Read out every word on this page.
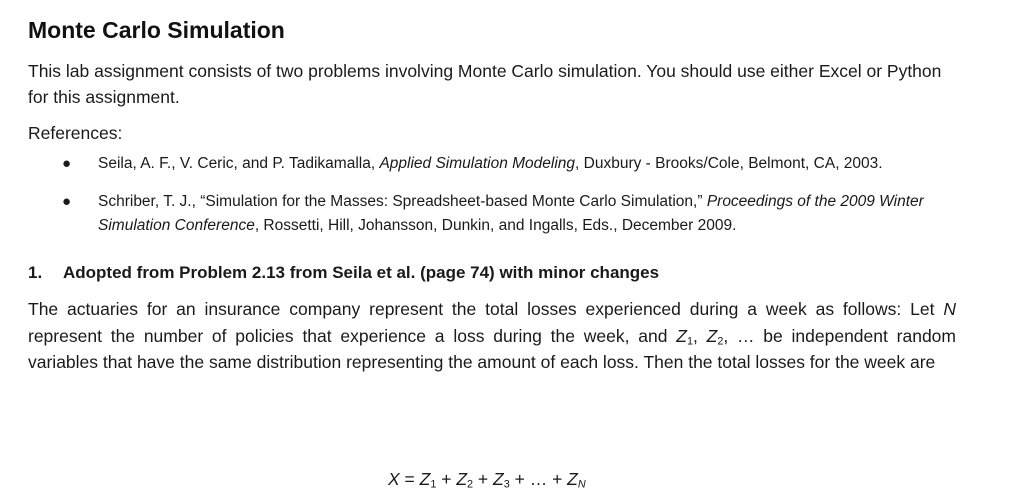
Monte Carlo Simulation

This lab assignment consists of two problems involving Monte Carlo simulation. You should use either Excel or Python for this assignment.

References:

● Seila, A. F., V. Ceric, and P. Tadikamalla, Applied Simulation Modeling, Duxbury - Brooks/Cole, Belmont, CA, 2003.
● Schriber, T. J., “Simulation for the Masses: Spreadsheet-based Monte Carlo Simulation,” Proceedings of the 2009 Winter Simulation Conference, Rossetti, Hill, Johansson, Dunkin, and Ingalls, Eds., December 2009.
1. Adopted from Problem 2.13 from Seila et al. (page 74) with minor changes

The actuaries for an insurance company represent the total losses experienced during a week as follows: Let N represent the number of policies that experience a loss during the week, and $Z_1$, $Z_2$, … be independent random variables that have the same distribution representing the amount of each loss. Then the total losses for the week are

$X = Z_1 + Z_2 + Z_3$ + … + $Z_N$
